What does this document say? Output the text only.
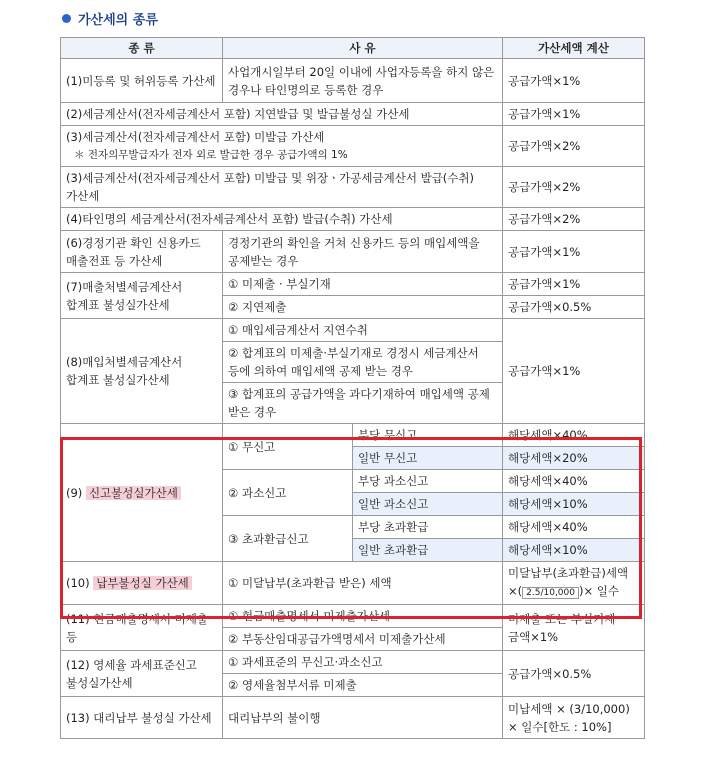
가산세의 종류
종 류	사 유		가산세액 계산
(1)미등록 및 허위등록 가산세	사업개시일부터 20일 이내에 사업자등록을 하지 않은 경우나 타인명의로 등록한 경우		공급가액×1%
(2)세금계산서(전자세금계산서 포함) 지연발급 및 발급불성실 가산세			공급가액×1%

(3)세금계산서(전자세금계산서 포함) 미발급 가산세
＊ 전자의무발급자가 전자 외로 발급한 경우 공급가액의 1%			공급가액×2%
(3)세금계산서(전자세금계산서 포함) 미발급 및 위장ㆍ가공세금계산서 발급(수취) 가산세			공급가액×2%
(4)타인명의 세금계산서(전자세금계산서 포함) 발급(수취) 가산세			공급가액×2%
(6)경정기관 확인 신용카드 매출전표 등 가산세	경정기관의 확인을 거쳐 신용카드 등의 매입세액을 공제받는 경우		공급가액×1%
(7)매출처별세금계산서 합계표 불성실가산세	① 미제출 · 부실기재		공급가액×1%
	② 지연제출		공급가액×0.5%
(8)매입처별세금계산서 합계표 불성실가산세	① 매입세금계산서 지연수취		공급가액×1%
	② 합계표의 미제출·부실기재로 경정시 세금계산서 등에 의하여 매입세액 공제 받는 경우		
	③ 합계표의 공급가액을 과다기재하여 매입세액 공제 받은 경우		
(9) 신고불성실가산세	① 무신고	부당 무신고	해당세액×40%
		일반 무신고	해당세액×20%
	② 과소신고	부당 과소신고	해당세액×40%
		일반 과소신고	해당세액×10%
	③ 초과환급신고	부당 초과환급	해당세액×40%
		일반 초과환급	해당세액×10%
(10) 납부불성실 가산세	① 미달납부(초과환급 받은) 세액		미달납부(초과환급)세액
×( 2.5/10,000 )× 일수

(11) 현금매출명세서 미제출 등	① 현금매출명세서 미제출가산세		미제출 또는 부실기재 금액×1%
	② 부동산임대공급가액명세서 미제출가산세		
(12) 영세율 과세표준신고 불성실가산세	① 과세표준의 무신고·과소신고		공급가액×0.5%
	② 영세율첨부서류 미제출		
(13) 대리납부 불성실 가산세	대리납부의 불이행		미납세액 × (3/10,000) × 일수[한도 : 10%]
